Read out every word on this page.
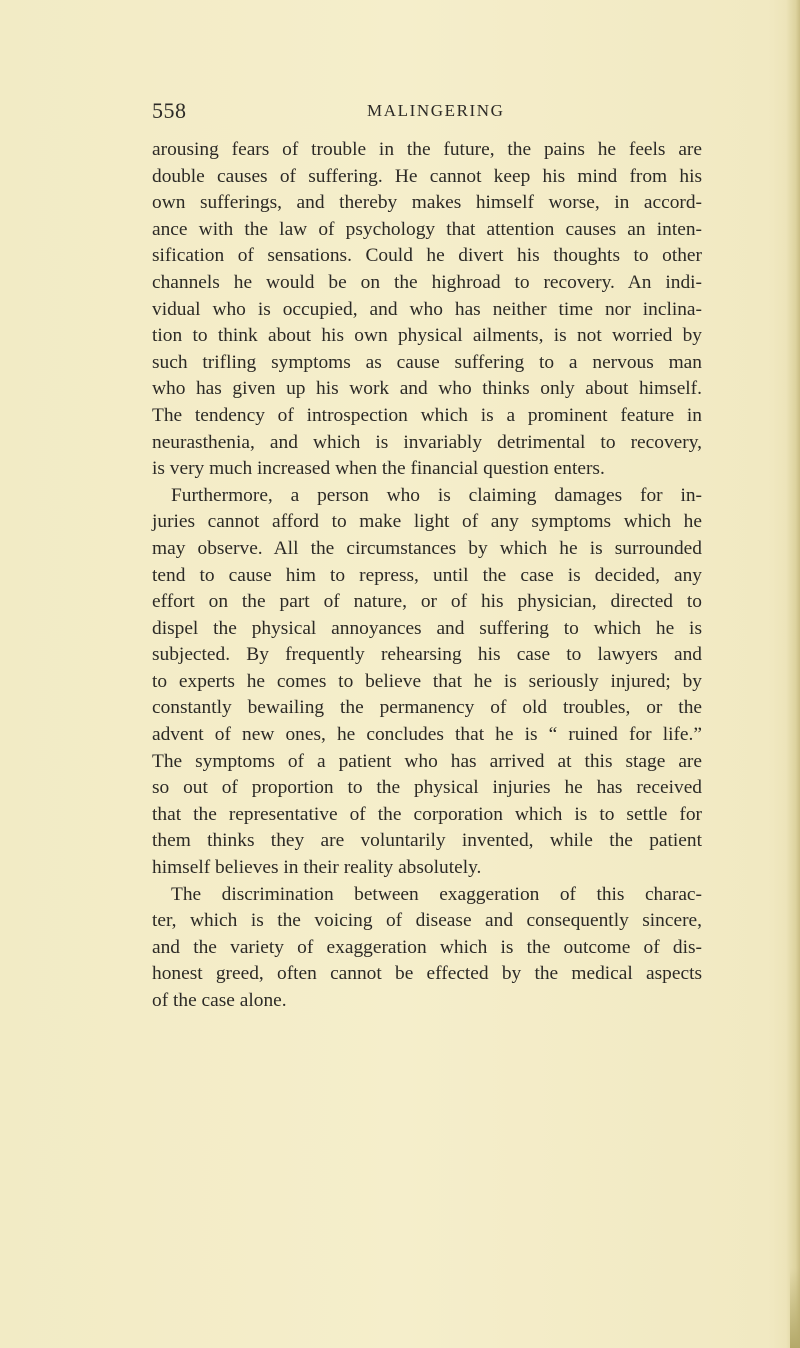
558	MALINGERING
arousing fears of trouble in the future, the pains he feels are
double causes of suffering. He cannot keep his mind from his
own sufferings, and thereby makes himself worse, in accord-
ance with the law of psychology that attention causes an inten-
sification of sensations. Could he divert his thoughts to other
channels he would be on the highroad to recovery. An indi-
vidual who is occupied, and who has neither time nor inclina-
tion to think about his own physical ailments, is not worried by
such trifling symptoms as cause suffering to a nervous man
who has given up his work and who thinks only about himself.
The tendency of introspection which is a prominent feature in
neurasthenia, and which is invariably detrimental to recovery,
is very much increased when the financial question enters.
Furthermore, a person who is claiming damages for in-
juries cannot afford to make light of any symptoms which he
may observe. All the circumstances by which he is surrounded
tend to cause him to repress, until the case is decided, any
effort on the part of nature, or of his physician, directed to
dispel the physical annoyances and suffering to which he is
subjected. By frequently rehearsing his case to lawyers and
to experts he comes to believe that he is seriously injured; by
constantly bewailing the permanency of old troubles, or the
advent of new ones, he concludes that he is “ ruined for life.”
The symptoms of a patient who has arrived at this stage are
so out of proportion to the physical injuries he has received
that the representative of the corporation which is to settle for
them thinks they are voluntarily invented, while the patient
himself believes in their reality absolutely.
The discrimination between exaggeration of this charac-
ter, which is the voicing of disease and consequently sincere,
and the variety of exaggeration which is the outcome of dis-
honest greed, often cannot be effected by the medical aspects
of the case alone.
